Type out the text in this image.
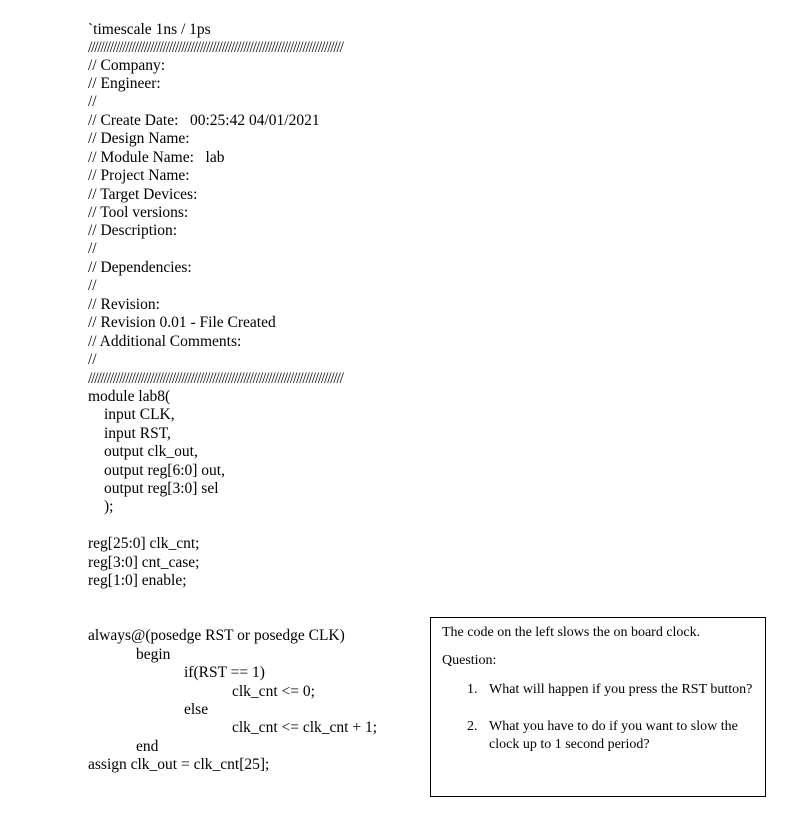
`timescale 1ns / 1ps
//////////////////////////////////////////////////////////////////////////////////
// Company:
// Engineer:
//
// Create Date:   00:25:42 04/01/2021
// Design Name:
// Module Name:   lab
// Project Name:
// Target Devices:
// Tool versions:
// Description:
//
// Dependencies:
//
// Revision:
// Revision 0.01 - File Created
// Additional Comments:
//
//////////////////////////////////////////////////////////////////////////////////
module lab8(
input CLK,
input RST,
output clk_out,
output reg[6:0] out,
output reg[3:0] sel
);
reg[25:0] clk_cnt;
reg[3:0] cnt_case;
reg[1:0] enable;
always@(posedge RST or posedge CLK)
begin
if(RST == 1)
clk_cnt <= 0;
else
clk_cnt <= clk_cnt + 1;
end
assign clk_out = clk_cnt[25];
The code on the left slows the on board clock.
Question:
1. What will happen if you press the RST button?
2. What you have to do if you want to slow the clock up to 1 second period?
